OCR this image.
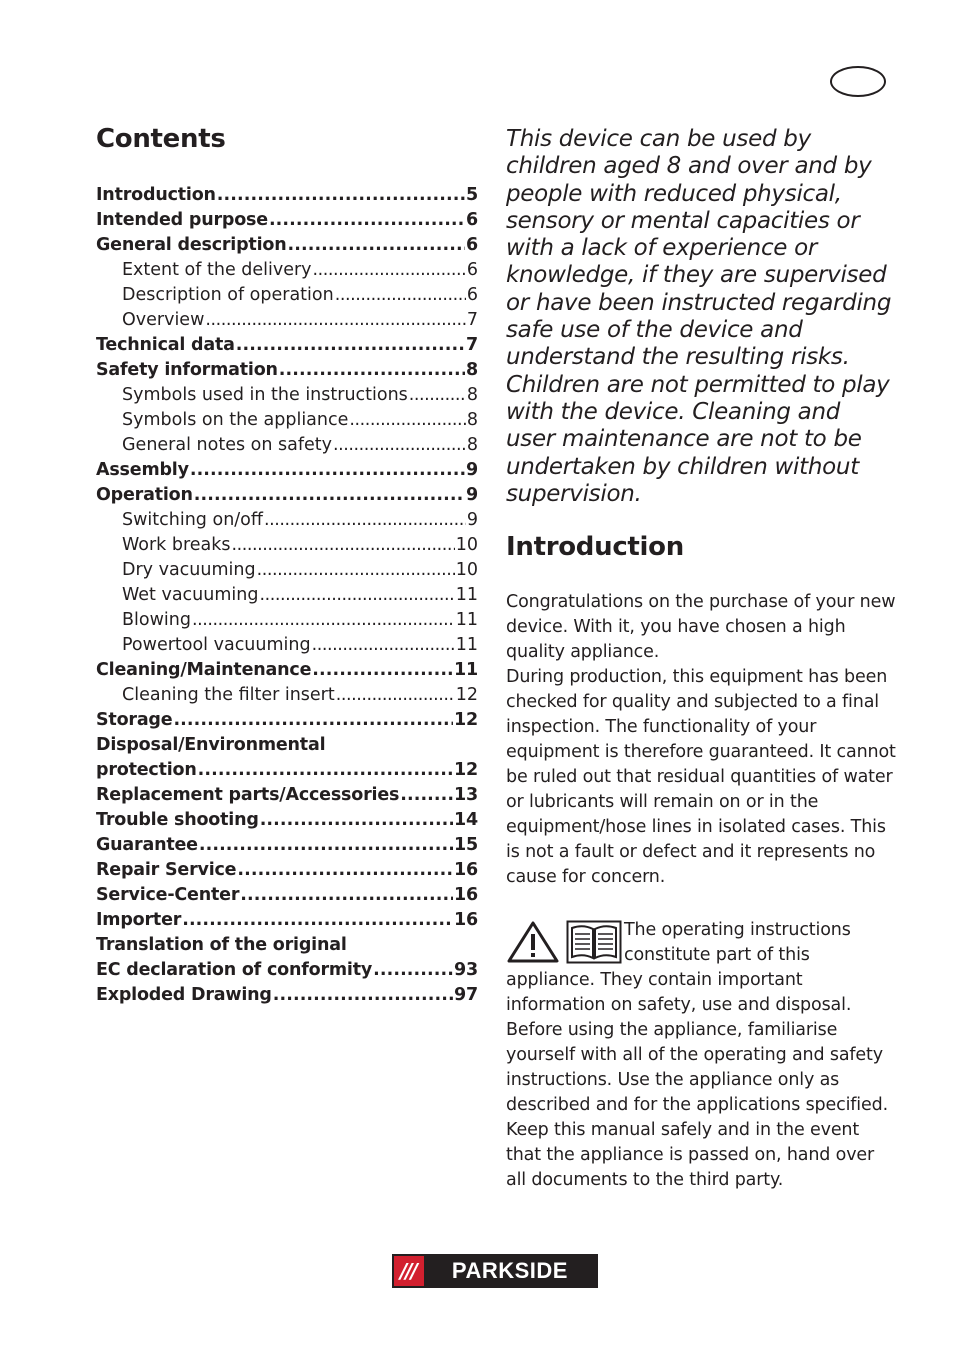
Contents
Introduction . . .	5
Intended purpose . . .	6
General description . . .	6
Extent of the delivery . . .	6
Description of operation . . .	6
Overview . . .	7
Technical data . . .	7
Safety information . . .	8
Symbols used in the instructions . . .	8
Symbols on the appliance . . .	8
General notes on safety . . .	8
Assembly . . .	9
Operation . . .	9
Switching on/off . . .	9
Work breaks . . .	10
Dry vacuuming . . .	10
Wet vacuuming . . .	11
Blowing . . .	11
Powertool vacuuming . . .	11
Cleaning/Maintenance . . .	11
Cleaning the filter insert . . .	12
Storage . . .	12
Disposal/Environmental
protection . . .	12
Replacement parts/Accessories . . .	13
Trouble shooting . . .	14
Guarantee . . .	15
Repair Service . . .	16
Service-Center . . .	16
Importer . . .	16
Translation of the original
EC declaration of conformity . . .	93
Exploded Drawing . . .	97

This device can be used by children aged 8 and over and by people with reduced physical, sensory or mental capacities or with a lack of experience or knowledge, if they are supervised or have been instructed regarding safe use of the device and understand the resulting risks. Children are not permitted to play with the device. Cleaning and user maintenance are not to be undertaken by children without supervision.

Introduction
Congratulations on the purchase of your new device. With it, you have chosen a high quality appliance.
During production, this equipment has been checked for quality and subjected to a final inspection. The functionality of your equipment is therefore guaranteed. It cannot be ruled out that residual quantities of water or lubricants will remain on or in the equipment/hose lines in isolated cases. This is not a fault or defect and it represents no cause for concern.

The operating instructions constitute part of this appliance. They contain important information on safety, use and disposal.

Before using the appliance, familiarise yourself with all of the operating and safety instructions. Use the appliance only as described and for the applications specified.

Keep this manual safely and in the event that the appliance is passed on, hand over all documents to the third party.

///	PARKSIDE
